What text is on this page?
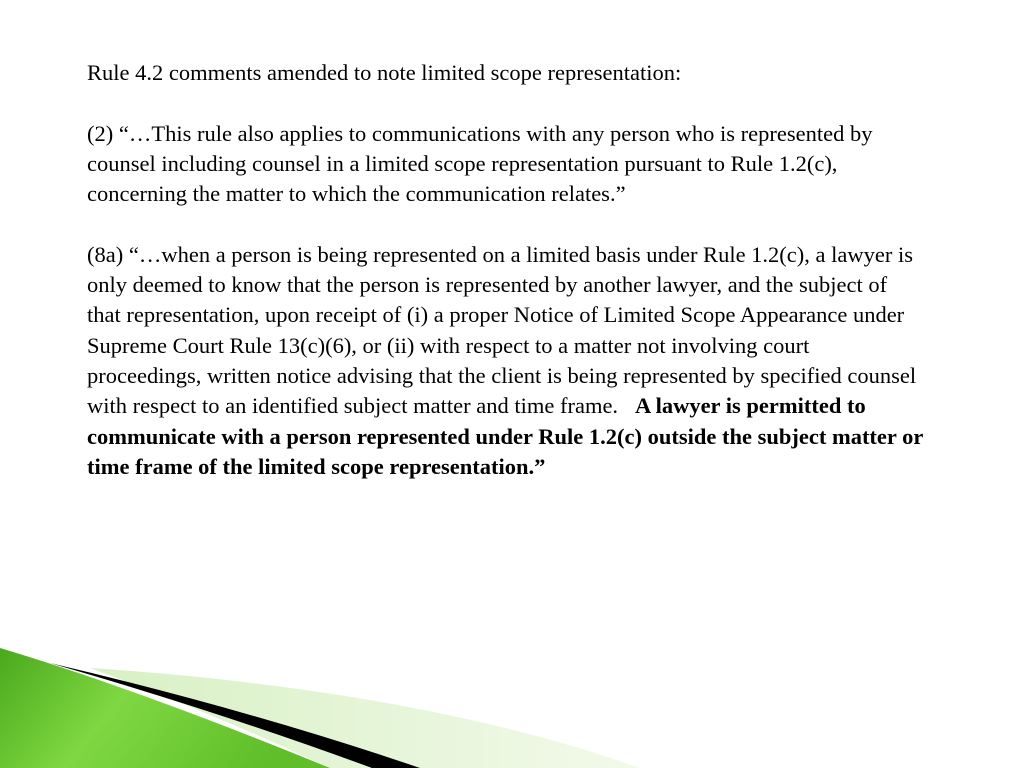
Rule 4.2 comments amended to note limited scope representation:

(2) “…This rule also applies to communications with any person who is represented by counsel including counsel in a limited scope representation pursuant to Rule 1.2(c), concerning the matter to which the communication relates.”

(8a) “…when a person is being represented on a limited basis under Rule 1.2(c), a lawyer is only deemed to know that the person is represented by another lawyer, and the subject of that representation, upon receipt of (i) a proper Notice of Limited Scope Appearance under Supreme Court Rule 13(c)(6), or (ii) with respect to a matter not involving court proceedings, written notice advising that the client is being represented by specified counsel with respect to an identified subject matter and time frame. A lawyer is permitted to communicate with a person represented under Rule 1.2(c) outside the subject matter or time frame of the limited scope representation.”
